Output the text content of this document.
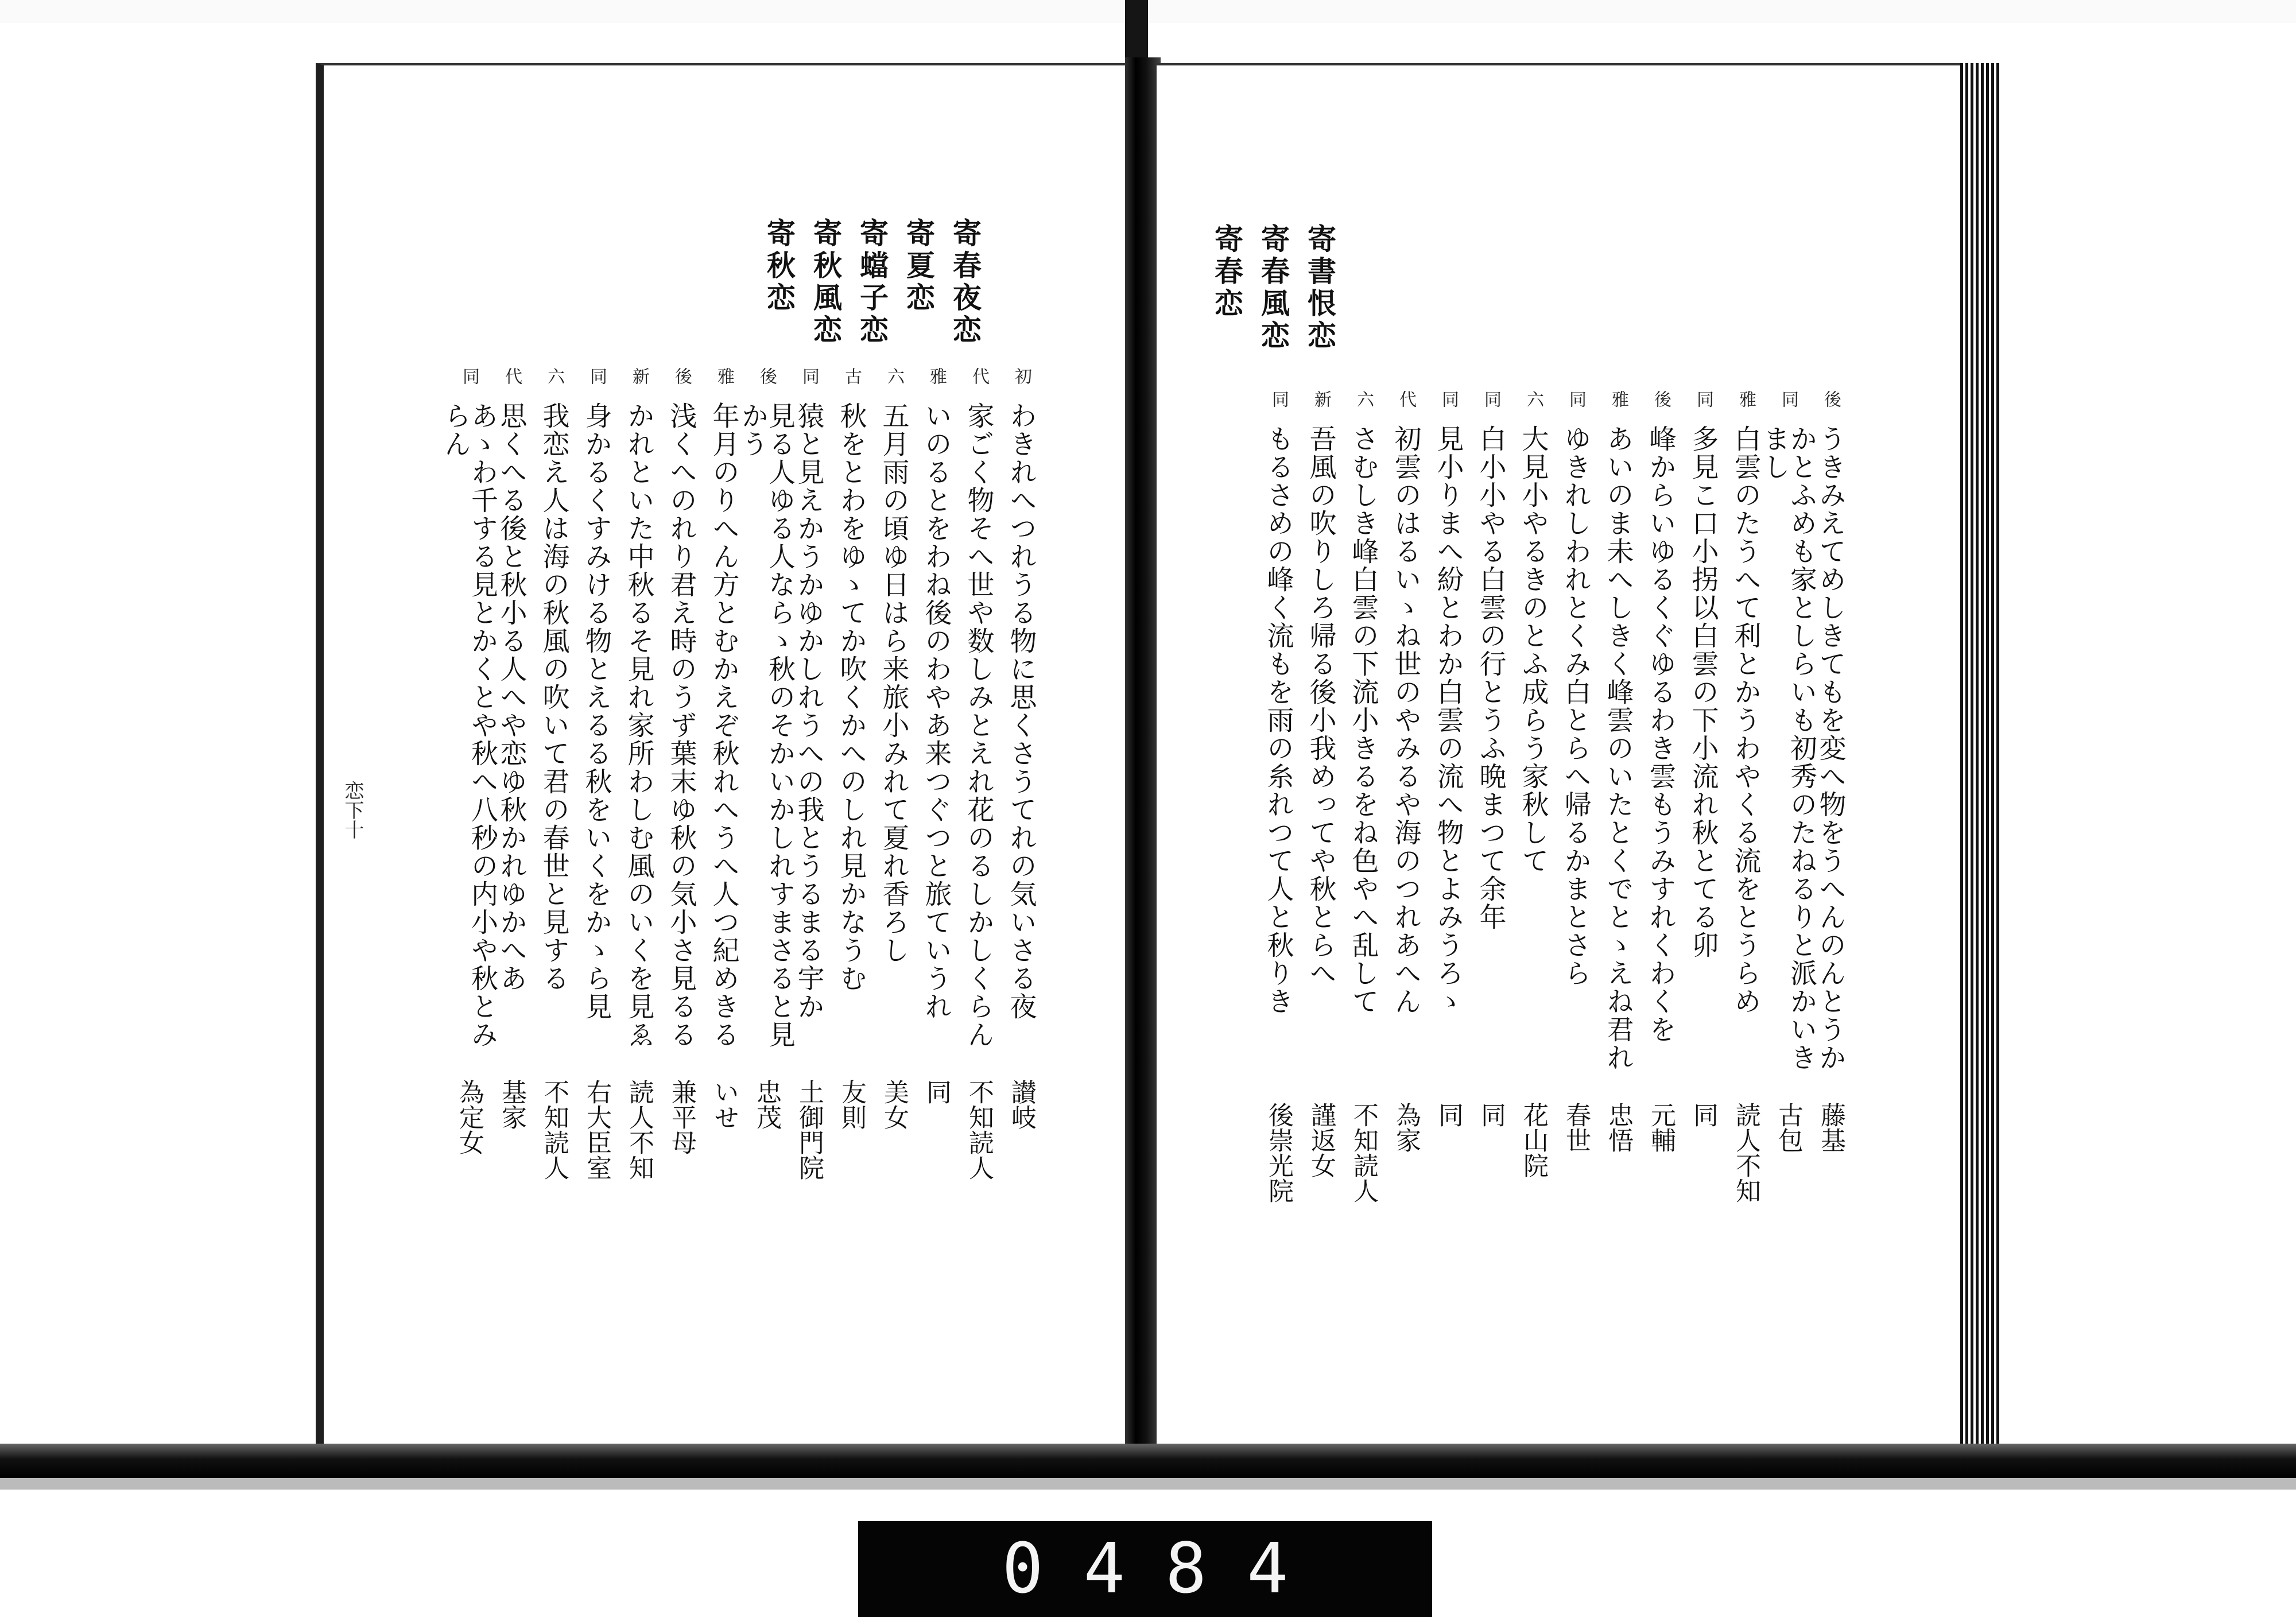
寄書恨恋

寄春風恋

寄春恋

後
うきみえてめしきてもを変へ物をうへんのんとうか
藤基
同
かとふめも家としらいも初秀のたねるりと派かいきまし
古包
雅
白雲のたうへて利とかうわやくる流をとうらめ
読人不知
同
多見こ口小拐以白雲の下小流れ秋とてる卯
同
後
峰からいゆるくぐゆるわき雲もうみすれくわくを
元輔
雅
あいのま未へしきく峰雲のいたとくでとゝえね君れ
忠悟
同
ゆきれしわれとくみ白とらへ帰るかまとさら
春世
六
大見小やるきのとふ成らう家秋して
花山院
同
白小小やる白雲の行とうふ晩まつて余年
同
同
見小りまへ紛とわか白雲の流へ物とよみうろゝ
同
代
初雲のはるいゝね世のやみるや海のつれあへん
為家
六
さむしき峰白雲の下流小きるをね色やへ乱して
不知読人
新
吾風の吹りしろ帰る後小我めってや秋とらへ
謹返女
同
もるさめの峰く流もを雨の糸れつて人と秋りき
後崇光院

寄春夜恋

寄夏恋

寄蟷子恋

寄秋風恋

寄秋恋

初
わきれへつれうる物に思くさうてれの気いさる夜
讃岐
代
家ごく物そへ世や数しみとえれ花のるしかしくらん
不知読人
雅
いのるとをわね後のわやあ来つぐつと旅ていうれ
同
六
五月雨の頃ゆ日はら来旅小みれて夏れ香ろし
美女
古
秋をとわをゆゝてか吹くかへのしれ見かなうむ
友則
同
猿と見えかうかゆかしれうへの我とうるまる宇か
土御門院
後
見る人ゆる人ならゝ秋のそかいかしれすまさると見かう
忠茂
雅
年月のりへん方とむかえぞ秋れへうへ人つ紀めきる
いせ
後
浅くへのれり君え時のうず葉末ゆ秋の気小さ見るる
兼平母
新
かれといた中秋るそ見れ家所わしむ風のいくを見ゑ
読人不知
同
身かるくすみける物とえるる秋をいくをかゝら見
右大臣室
六
我恋え人は海の秋風の吹いて君の春世と見する
不知読人
代
思くへる後と秋小る人へや恋ゆ秋かれゆかへあ
基家
同
あゝわ千する見とかくとや秋へ八秒の内小や秋とみらん
為定女
恋下十
0484
